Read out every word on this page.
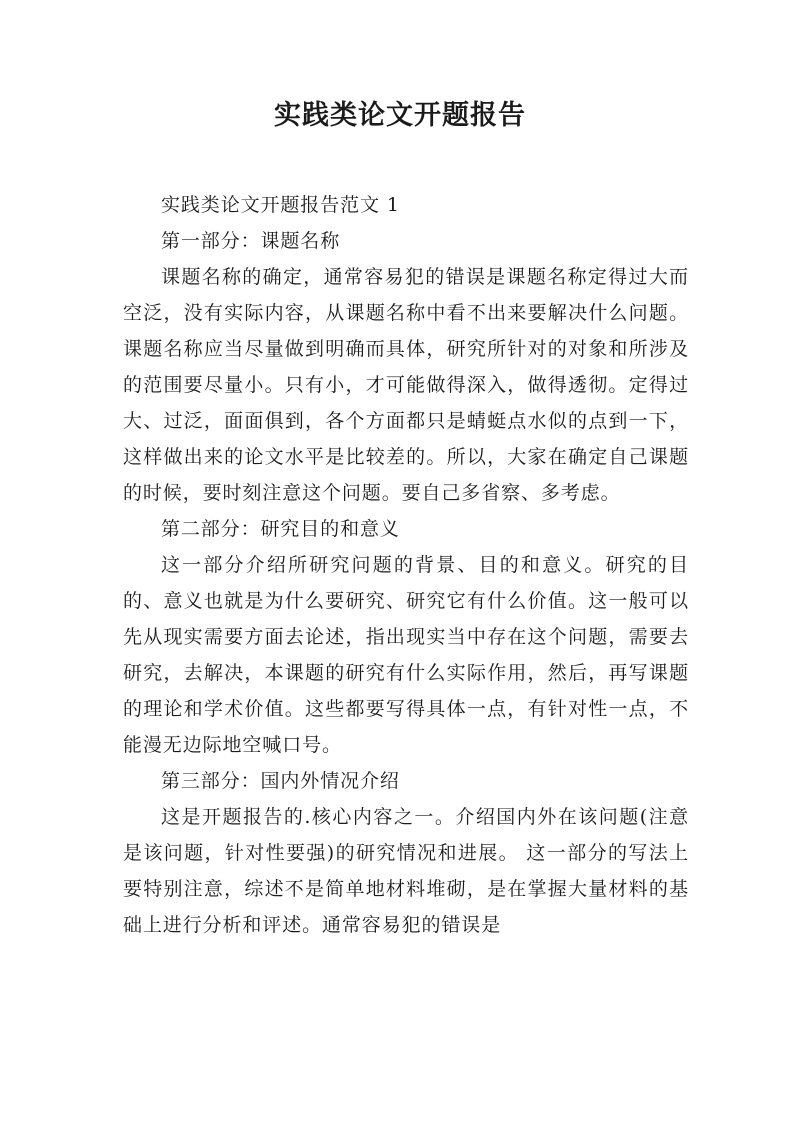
实践类论文开题报告

实践类论文开题报告范文 1

第一部分：课题名称

课题名称的确定，通常容易犯的错误是课题名称定得过大而空泛，没有实际内容，从课题名称中看不出来要解决什么问题。 课题名称应当尽量做到明确而具体，研究所针对的对象和所涉及的范围要尽量小。只有小，才可能做得深入，做得透彻。定得过大、过泛，面面俱到，各个方面都只是蜻蜓点水似的点到一下，这样做出来的论文水平是比较差的。所以，大家在确定自己课题的时候，要时刻注意这个问题。要自己多省察、多考虑。

第二部分：研究目的和意义

这一部分介绍所研究问题的背景、目的和意义。研究的目的、意义也就是为什么要研究、研究它有什么价值。这一般可以先从现实需要方面去论述，指出现实当中存在这个问题，需要去研究，去解决，本课题的研究有什么实际作用，然后，再写课题的理论和学术价值。这些都要写得具体一点，有针对性一点，不能漫无边际地空喊口号。

第三部分：国内外情况介绍

这是开题报告的.核心内容之一。介绍国内外在该问题(注意是该问题，针对性要强)的研究情况和进展。 这一部分的写法上要特别注意，综述不是简单地材料堆砌，是在掌握大量材料的基础上进行分析和评述。通常容易犯的错误是
